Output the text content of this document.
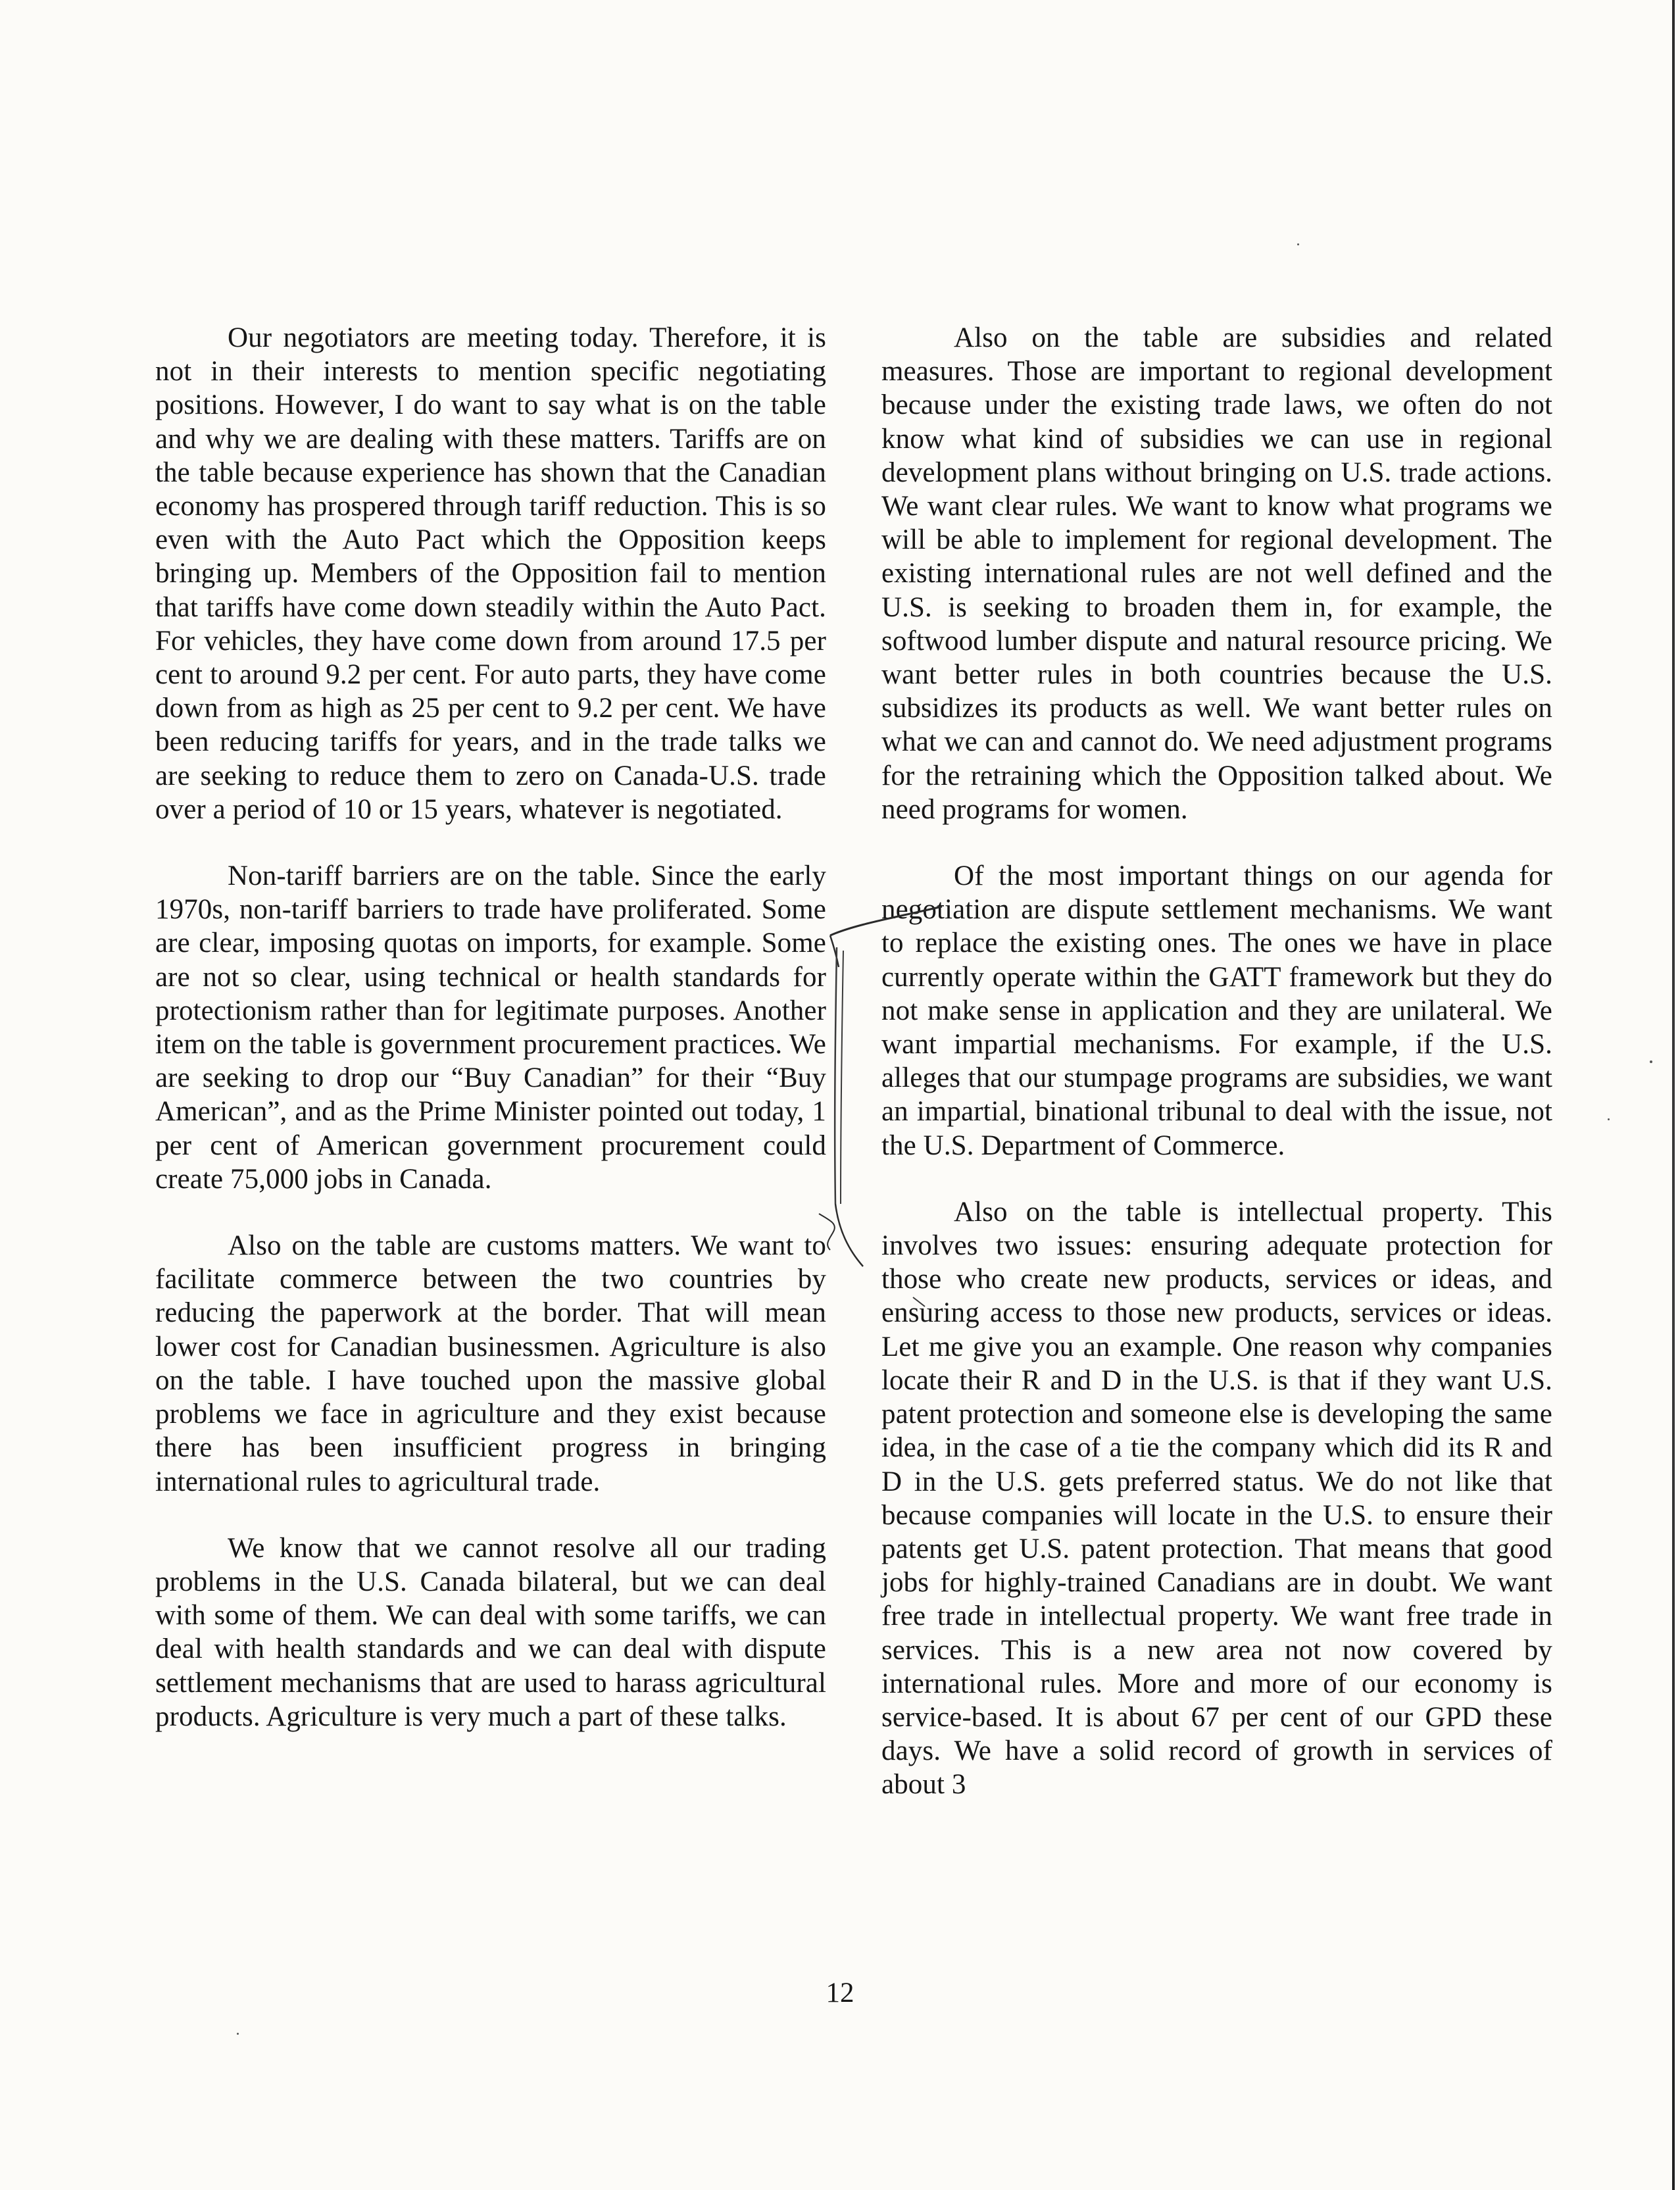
Our negotiators are meeting today. Therefore, it is not in their interests to mention specific negotiating positions. However, I do want to say what is on the table and why we are dealing with these matters. Tariffs are on the table because experience has shown that the Canadian economy has prospered through tariff reduction. This is so even with the Auto Pact which the Opposition keeps bringing up. Members of the Opposition fail to mention that tariffs have come down steadily within the Auto Pact. For vehicles, they have come down from around 17.5 per cent to around 9.2 per cent. For auto parts, they have come down from as high as 25 per cent to 9.2 per cent. We have been reducing tariffs for years, and in the trade talks we are seeking to reduce them to zero on Canada-U.S. trade over a period of 10 or 15 years, whatever is negotiated.

Non-tariff barriers are on the table. Since the early 1970s, non-tariff barriers to trade have proliferated. Some are clear, imposing quotas on imports, for example. Some are not so clear, using technical or health standards for protectionism rather than for legitimate purposes. Another item on the table is government procurement practices. We are seeking to drop our “Buy Canadian” for their “Buy American”, and as the Prime Minister pointed out today, 1 per cent of American government procurement could create 75,000 jobs in Canada.

Also on the table are customs matters. We want to facilitate commerce between the two countries by reducing the paperwork at the border. That will mean lower cost for Canadian businessmen. Agriculture is also on the table. I have touched upon the massive global problems we face in agriculture and they exist because there has been insufficient progress in bringing international rules to agricultural trade.

We know that we cannot resolve all our trading problems in the U.S. Canada bilateral, but we can deal with some of them. We can deal with some tariffs, we can deal with health standards and we can deal with dispute settlement mechanisms that are used to harass agricultural products. Agriculture is very much a part of these talks.

Also on the table are subsidies and related measures. Those are important to regional development because under the existing trade laws, we often do not know what kind of subsidies we can use in regional development plans without bringing on U.S. trade actions. We want clear rules. We want to know what programs we will be able to implement for regional development. The existing international rules are not well defined and the U.S. is seeking to broaden them in, for example, the softwood lumber dispute and natural resource pricing. We want better rules in both countries because the U.S. subsidizes its products as well. We want better rules on what we can and cannot do. We need adjustment programs for the retraining which the Opposition talked about. We need programs for women.

Of the most important things on our agenda for negotiation are dispute settlement mechanisms. We want to replace the existing ones. The ones we have in place currently operate within the GATT framework but they do not make sense in application and they are unilateral. We want impartial mechanisms. For example, if the U.S. alleges that our stumpage programs are subsidies, we want an impartial, binational tribunal to deal with the issue, not the U.S. Department of Commerce.

Also on the table is intellectual property. This involves two issues: ensuring adequate protection for those who create new products, services or ideas, and ensuring access to those new products, services or ideas. Let me give you an example. One reason why companies locate their R and D in the U.S. is that if they want U.S. patent protection and someone else is developing the same idea, in the case of a tie the company which did its R and D in the U.S. gets preferred status. We do not like that because companies will locate in the U.S. to ensure their patents get U.S. patent protection. That means that good jobs for highly-trained Canadians are in doubt. We want free trade in intellectual property. We want free trade in services. This is a new area not now covered by international rules. More and more of our economy is service-based. It is about 67 per cent of our GPD these days. We have a solid record of growth in services of about 3

12
